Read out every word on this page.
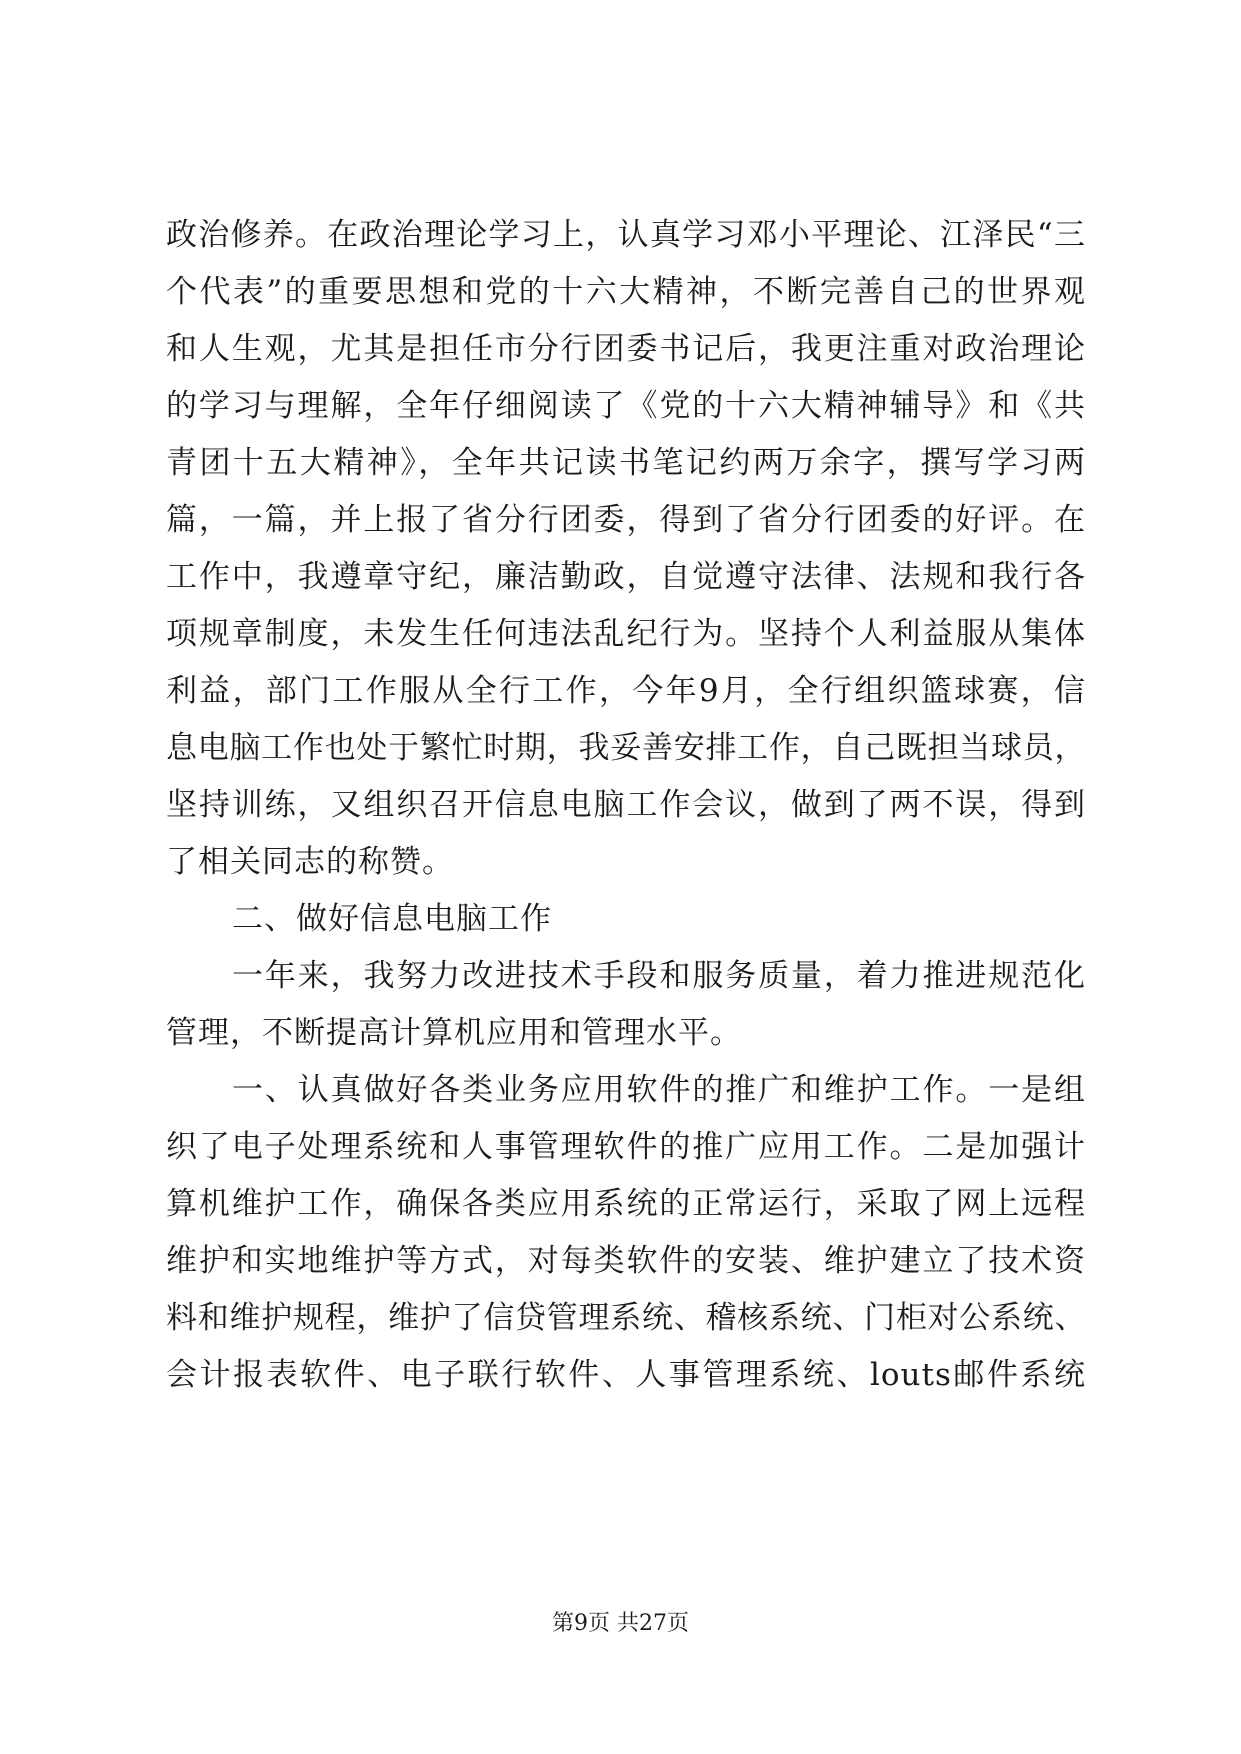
政治修养。在政治理论学习上，认真学习邓小平理论、江泽民“三
个代表”的重要思想和党的十六大精神，不断完善自己的世界观
和人生观，尤其是担任市分行团委书记后，我更注重对政治理论
的学习与理解，全年仔细阅读了《党的十六大精神辅导》和《共
青团十五大精神》，全年共记读书笔记约两万余字，撰写学习两
篇，一篇，并上报了省分行团委，得到了省分行团委的好评。在
工作中，我遵章守纪，廉洁勤政，自觉遵守法律、法规和我行各
项规章制度，未发生任何违法乱纪行为。坚持个人利益服从集体
利益，部门工作服从全行工作，今年9月，全行组织篮球赛，信
息电脑工作也处于繁忙时期，我妥善安排工作，自己既担当球员，
坚持训练，又组织召开信息电脑工作会议，做到了两不误，得到
了相关同志的称赞。
二、做好信息电脑工作
一年来，我努力改进技术手段和服务质量，着力推进规范化
管理，不断提高计算机应用和管理水平。
一、认真做好各类业务应用软件的推广和维护工作。一是组
织了电子处理系统和人事管理软件的推广应用工作。二是加强计
算机维护工作，确保各类应用系统的正常运行，采取了网上远程
维护和实地维护等方式，对每类软件的安装、维护建立了技术资
料和维护规程，维护了信贷管理系统、稽核系统、门柜对公系统、
会计报表软件、电子联行软件、人事管理系统、louts邮件系统
第9页 共27页
